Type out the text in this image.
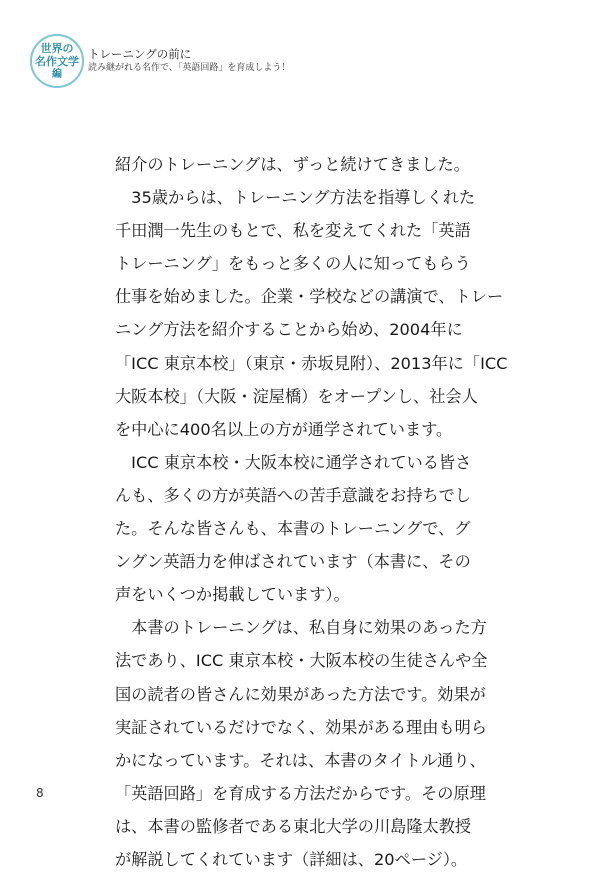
世界の
名作文学
編
トレーニングの前に
読み継がれる名作で、「英語回路」を育成しよう！
紹介のトレーニングは、ずっと続けてきました。
　35歳からは、トレーニング方法を指導しくれた
千田潤一先生のもとで、私を変えてくれた「英語
トレーニング」をもっと多くの人に知ってもらう
仕事を始めました。企業・学校などの講演で、トレー
ニング方法を紹介することから始め、2004年に
「ICC 東京本校」（東京・赤坂見附）、2013年に「ICC
大阪本校」（大阪・淀屋橋）をオープンし、社会人
を中心に400名以上の方が通学されています。
　ICC 東京本校・大阪本校に通学されている皆さ
んも、多くの方が英語への苦手意識をお持ちでし
た。そんな皆さんも、本書のトレーニングで、グ
ングン英語力を伸ばされています（本書に、その
声をいくつか掲載しています）。
　本書のトレーニングは、私自身に効果のあった方
法であり、ICC 東京本校・大阪本校の生徒さんや全
国の読者の皆さんに効果があった方法です。効果が
実証されているだけでなく、効果がある理由も明ら
かになっています。それは、本書のタイトル通り、
「英語回路」を育成する方法だからです。その原理
は、本書の監修者である東北大学の川島隆太教授
が解説してくれています（詳細は、20ページ）。
8
